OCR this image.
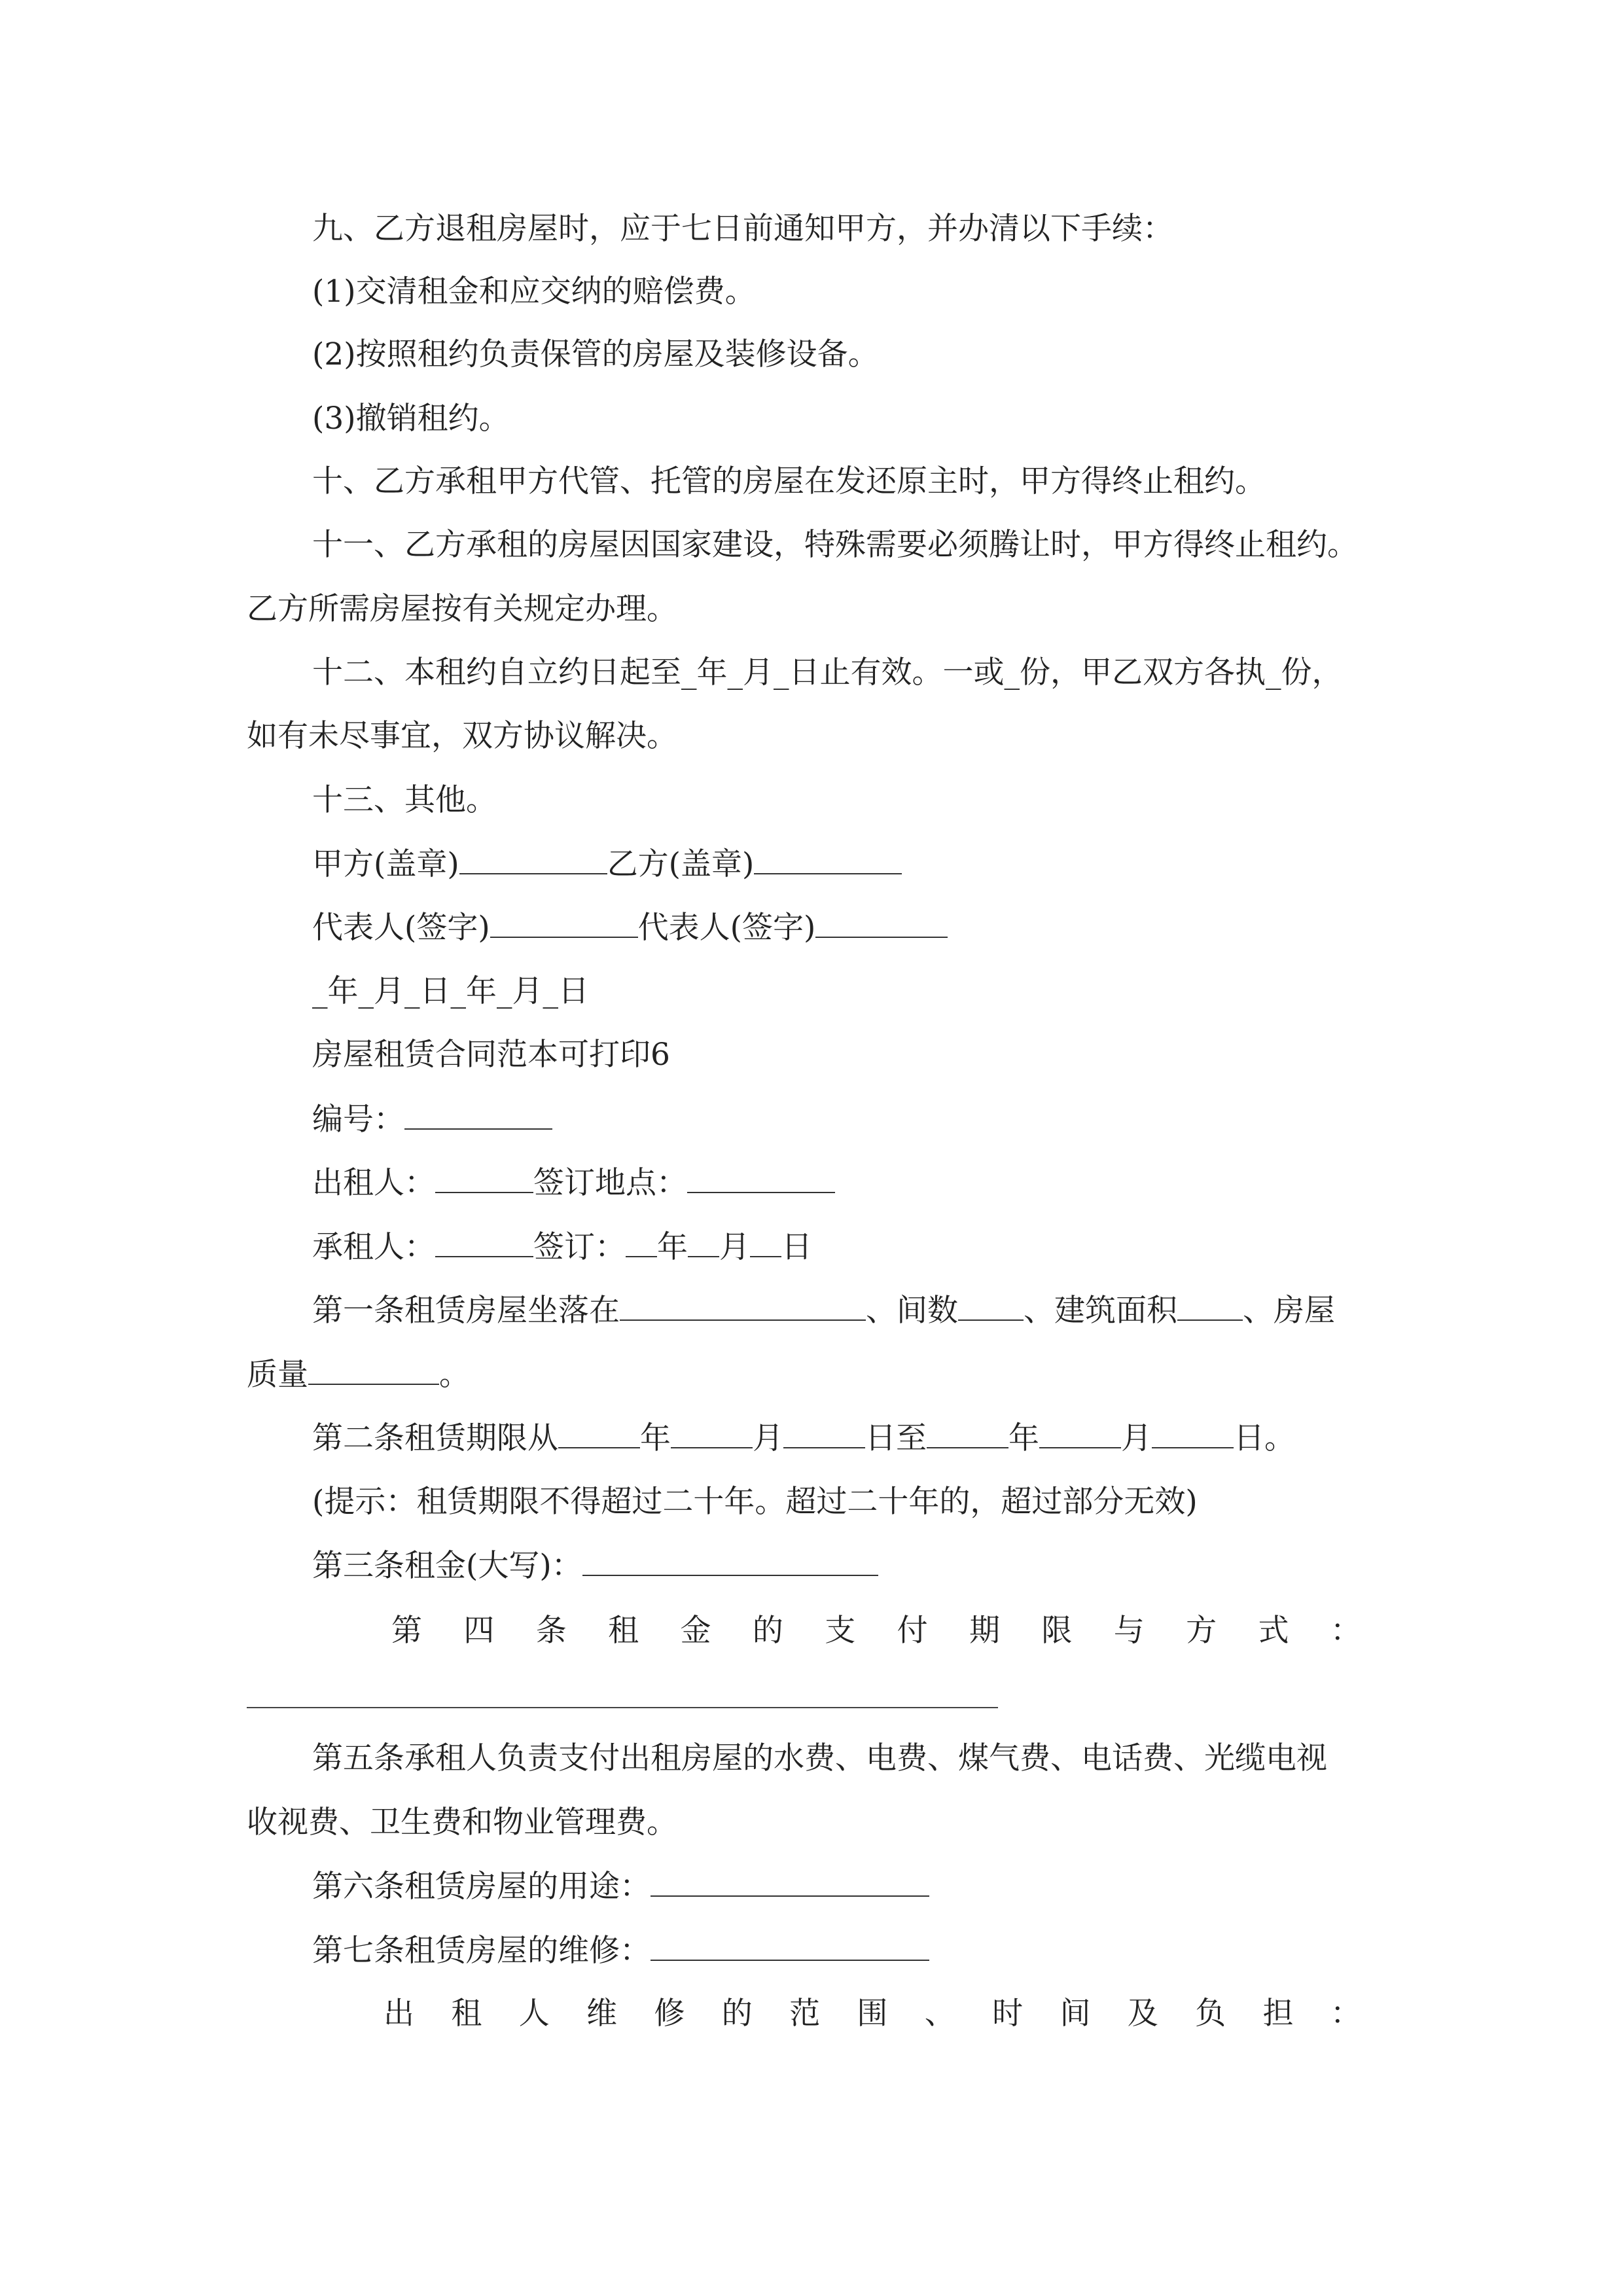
九、乙方退租房屋时，应于七日前通知甲方，并办清以下手续：
(1)交清租金和应交纳的赔偿费。
(2)按照租约负责保管的房屋及装修设备。
(3)撤销租约。
十、乙方承租甲方代管、托管的房屋在发还原主时，甲方得终止租约。
十一、乙方承租的房屋因国家建设，特殊需要必须腾让时，甲方得终止租约。
乙方所需房屋按有关规定办理。
十二、本租约自立约日起至_年_月_日止有效。一或_份，甲乙双方各执_份，
如有未尽事宜，双方协议解决。
十三、其他。
甲方(盖章)	乙方(盖章)
代表人(签字)	代表人(签字)
_年_月_日_年_月_日
房屋租赁合同范本可打印6
编号：
出租人：	签订地点：
承租人：	签订： 年 月 日
第一条租赁房屋坐落在	、间数 、建筑面积 、房屋
质量	。
第二条租赁期限从	年	月	日至	年	月	日。
(提示：租赁期限不得超过二十年。超过二十年的，超过部分无效)
第三条租金(大写)：
第 四 条 租 金 的 支 付 期 限 与 方 式 ：
第五条承租人负责支付出租房屋的水费、电费、煤气费、电话费、光缆电视
收视费、卫生费和物业管理费。
第六条租赁房屋的用途：
第七条租赁房屋的维修：
出 租 人 维 修 的 范 围 、 时 间 及 负 担 ：
